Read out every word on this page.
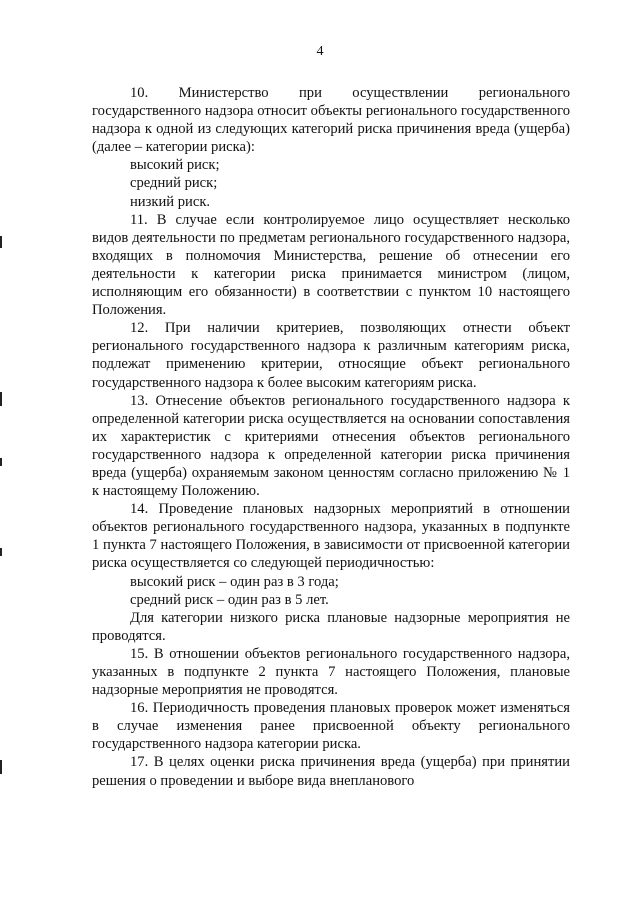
4

10. Министерство при осуществлении регионального государственного надзора относит объекты регионального государственного надзора к одной из следующих категорий риска причинения вреда (ущерба) (далее – категории риска):

высокий риск;

средний риск;

низкий риск.

11. В случае если контролируемое лицо осуществляет несколько видов деятельности по предметам регионального государственного надзора, входящих в полномочия Министерства, решение об отнесении его деятельности к категории риска принимается министром (лицом, исполняющим его обязанности) в соответствии с пунктом 10 настоящего Положения.

12. При наличии критериев, позволяющих отнести объект регионального государственного надзора к различным категориям риска, подлежат применению критерии, относящие объект регионального государственного надзора к более высоким категориям риска.

13. Отнесение объектов регионального государственного надзора к определенной категории риска осуществляется на основании сопоставления их характеристик с критериями отнесения объектов регионального государственного надзора к определенной категории риска причинения вреда (ущерба) охраняемым законом ценностям согласно приложению № 1 к настоящему Положению.

14. Проведение плановых надзорных мероприятий в отношении объектов регионального государственного надзора, указанных в подпункте 1 пункта 7 настоящего Положения, в зависимости от присвоенной категории риска осуществляется со следующей периодичностью:

высокий риск – один раз в 3 года;

средний риск – один раз в 5 лет.

Для категории низкого риска плановые надзорные мероприятия не проводятся.

15. В отношении объектов регионального государственного надзора, указанных в подпункте 2 пункта 7 настоящего Положения, плановые надзорные мероприятия не проводятся.

16. Периодичность проведения плановых проверок может изменяться в случае изменения ранее присвоенной объекту регионального государственного надзора категории риска.

17. В целях оценки риска причинения вреда (ущерба) при принятии решения о проведении и выборе вида внепланового
